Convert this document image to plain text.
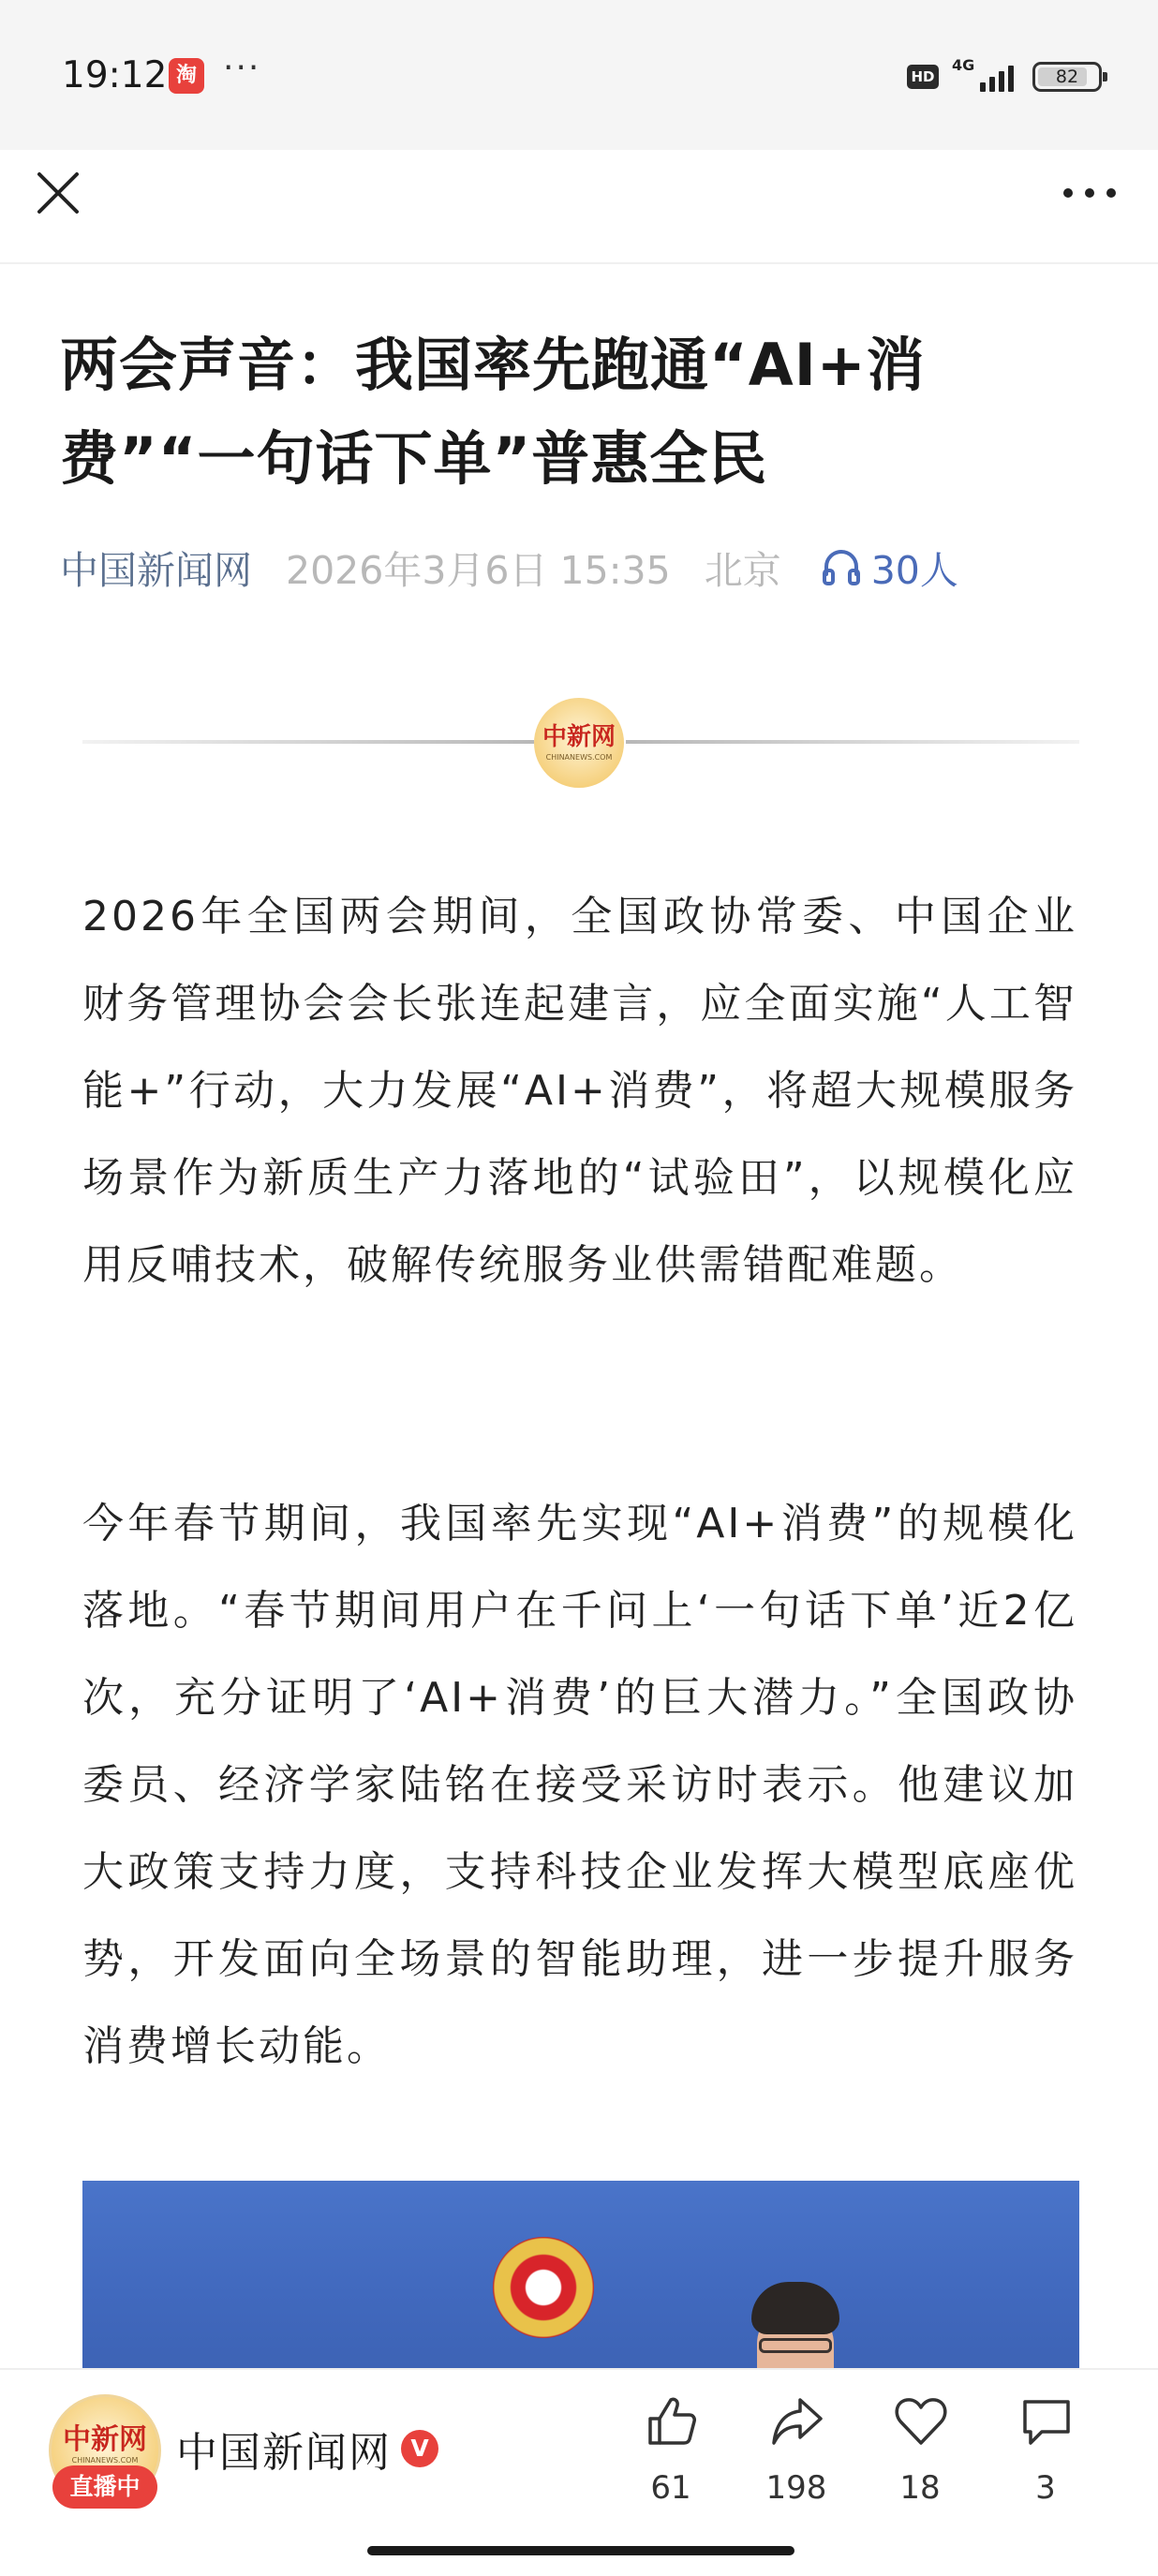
19:12 淘 ···	HD
4G
82
两会声音：我国率先跑通“AI+消费”“一句话下单”普惠全民
中国新闻网 2026年3月6日 15:35 北京 30人
中新网
CHINANEWS.COM

2026年全国两会期间，全国政协常委、中国企业财务管理协会会长张连起建言，应全面实施“人工智能+”行动，大力发展“AI+消费”，将超大规模服务场景作为新质生产力落地的“试验田”，以规模化应用反哺技术，破解传统服务业供需错配难题。

今年春节期间，我国率先实现“AI+消费”的规模化落地。“春节期间用户在千问上‘一句话下单’近2亿次，充分证明了‘AI+消费’的巨大潜力。”全国政协委员、经济学家陆铭在接受采访时表示。他建议加大政策支持力度，支持科技企业发挥大模型底座优势，开发面向全场景的智能助理，进一步提升服务消费增长动能。

中新网
CHINANEWS.COM
直播中
中国新闻网 V
61	198	18	3
